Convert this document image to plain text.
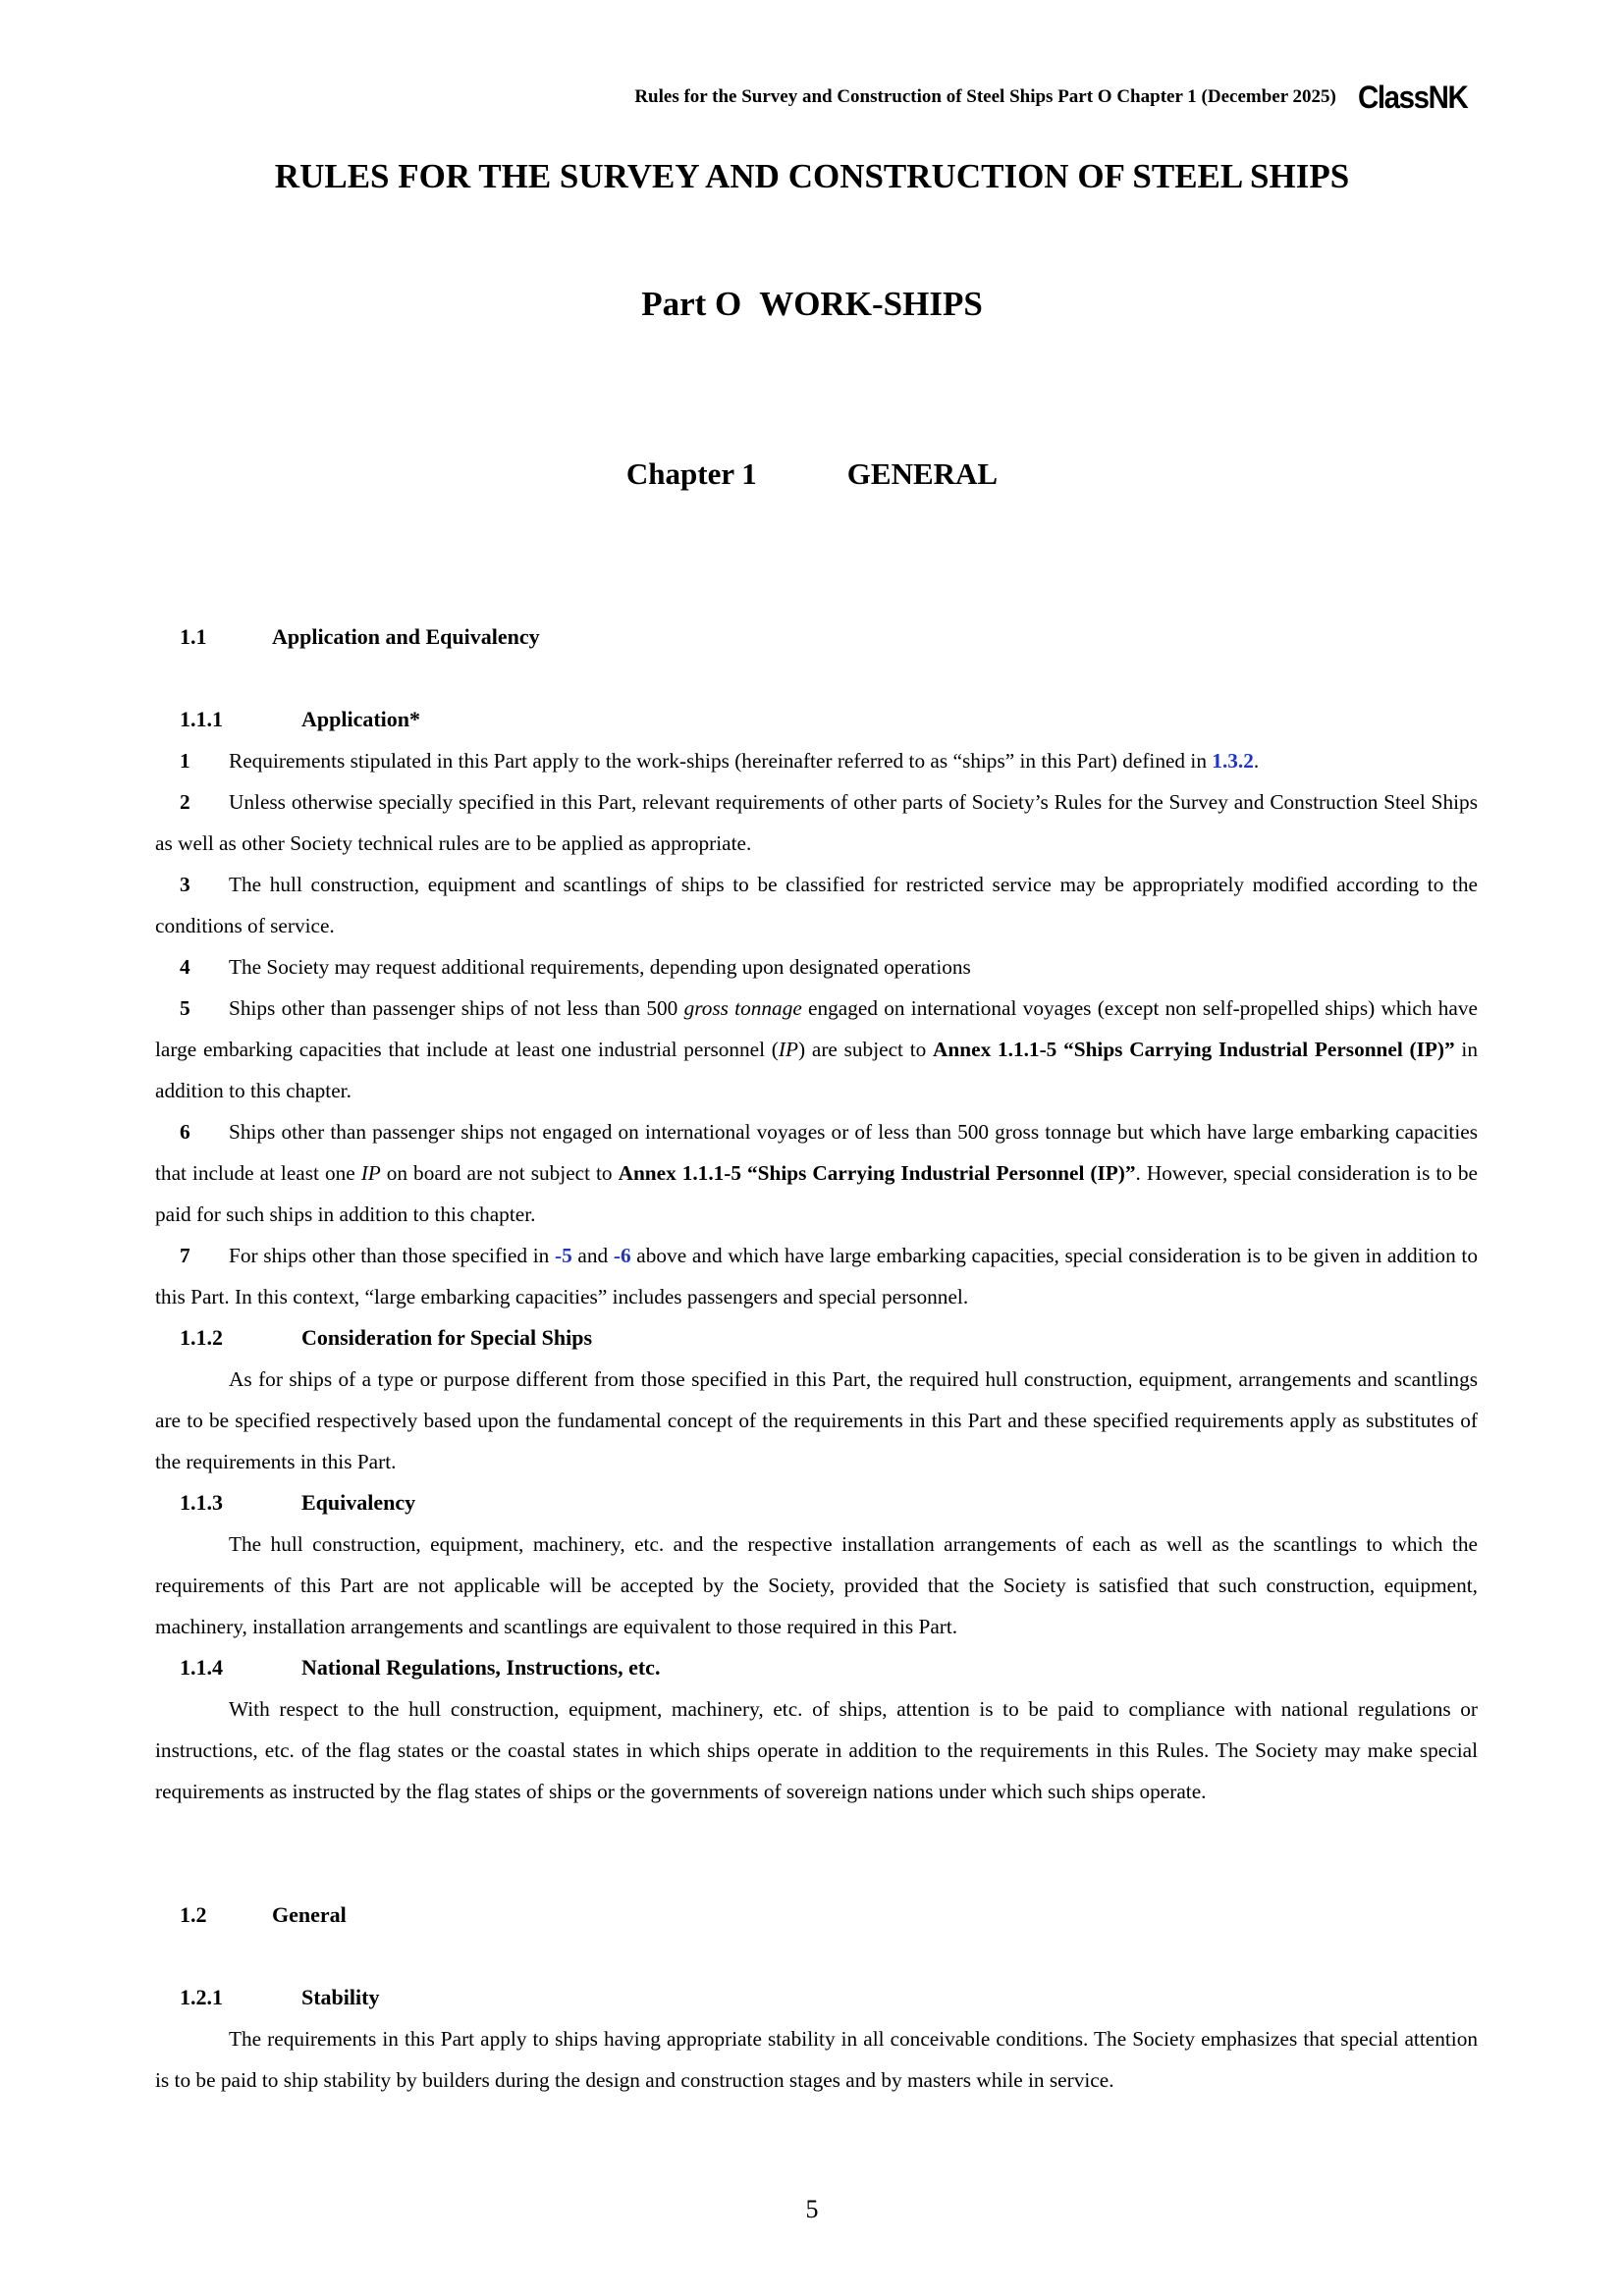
Rules for the Survey and Construction of Steel Ships Part O Chapter 1 (December 2025) ClassNK
RULES FOR THE SURVEY AND CONSTRUCTION OF STEEL SHIPS
Part O WORK-SHIPS
Chapter 1	GENERAL
1.1	Application and Equivalency
1.1.1	Application*

1 Requirements stipulated in this Part apply to the work-ships (hereinafter referred to as “ships” in this Part) defined in 1.3.2.

2 Unless otherwise specially specified in this Part, relevant requirements of other parts of Society’s Rules for the Survey and Construction Steel Ships as well as other Society technical rules are to be applied as appropriate.

3 The hull construction, equipment and scantlings of ships to be classified for restricted service may be appropriately modified according to the conditions of service.

4 The Society may request additional requirements, depending upon designated operations

5 Ships other than passenger ships of not less than 500 gross tonnage engaged on international voyages (except non self-propelled ships) which have large embarking capacities that include at least one industrial personnel (IP) are subject to Annex 1.1.1-5 “Ships Carrying Industrial Personnel (IP)” in addition to this chapter.

6 Ships other than passenger ships not engaged on international voyages or of less than 500 gross tonnage but which have large embarking capacities that include at least one IP on board are not subject to Annex 1.1.1-5 “Ships Carrying Industrial Personnel (IP)”. However, special consideration is to be paid for such ships in addition to this chapter.

7 For ships other than those specified in -5 and -6 above and which have large embarking capacities, special consideration is to be given in addition to this Part. In this context, “large embarking capacities” includes passengers and special personnel.

1.1.2	Consideration for Special Ships

As for ships of a type or purpose different from those specified in this Part, the required hull construction, equipment, arrangements and scantlings are to be specified respectively based upon the fundamental concept of the requirements in this Part and these specified requirements apply as substitutes of the requirements in this Part.

1.1.3	Equivalency

The hull construction, equipment, machinery, etc. and the respective installation arrangements of each as well as the scantlings to which the requirements of this Part are not applicable will be accepted by the Society, provided that the Society is satisfied that such construction, equipment, machinery, installation arrangements and scantlings are equivalent to those required in this Part.

1.1.4	National Regulations, Instructions, etc.

With respect to the hull construction, equipment, machinery, etc. of ships, attention is to be paid to compliance with national regulations or instructions, etc. of the flag states or the coastal states in which ships operate in addition to the requirements in this Rules. The Society may make special requirements as instructed by the flag states of ships or the governments of sovereign nations under which such ships operate.

1.2	General
1.2.1	Stability

The requirements in this Part apply to ships having appropriate stability in all conceivable conditions. The Society emphasizes that special attention is to be paid to ship stability by builders during the design and construction stages and by masters while in service.

5
